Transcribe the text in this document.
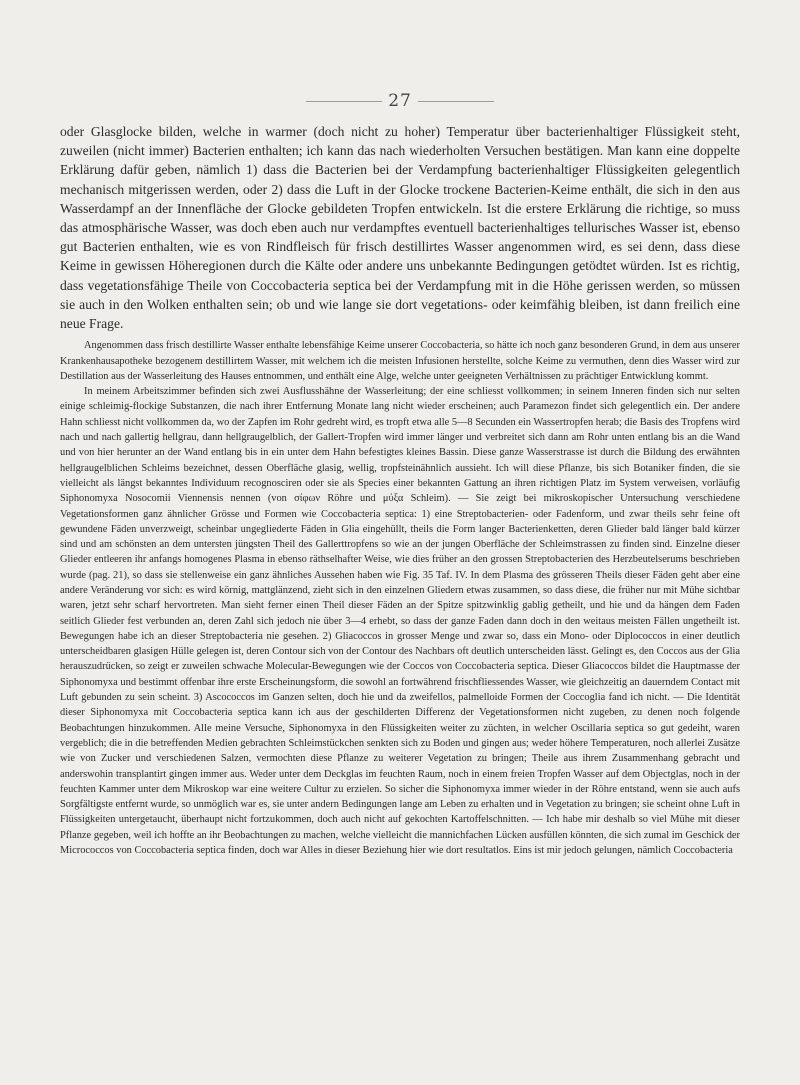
27

oder Glasglocke bilden, welche in warmer (doch nicht zu hoher) Temperatur über bacterienhaltiger Flüssigkeit steht, zuweilen (nicht immer) Bacterien enthalten; ich kann das nach wiederholten Versuchen bestätigen. Man kann eine doppelte Erklärung dafür geben, nämlich 1) dass die Bacterien bei der Verdampfung bacterienhaltiger Flüssigkeiten gelegentlich mechanisch mitgerissen werden, oder 2) dass die Luft in der Glocke trockene Bacterien-Keime enthält, die sich in den aus Wasserdampf an der Innenfläche der Glocke gebildeten Tropfen entwickeln. Ist die erstere Erklärung die richtige, so muss das atmosphärische Wasser, was doch eben auch nur verdampftes eventuell bacterienhaltiges tellurisches Wasser ist, ebenso gut Bacterien enthalten, wie es von Rindfleisch für frisch destillirtes Wasser angenommen wird, es sei denn, dass diese Keime in gewissen Höheregionen durch die Kälte oder andere uns unbekannte Bedingungen getödtet würden. Ist es richtig, dass vegetationsfähige Theile von Coccobacteria septica bei der Verdampfung mit in die Höhe gerissen werden, so müssen sie auch in den Wolken enthalten sein; ob und wie lange sie dort vegetations- oder keimfähig bleiben, ist dann freilich eine neue Frage.

Angenommen dass frisch destillirte Wasser enthalte lebensfähige Keime unserer Coccobacteria, so hätte ich noch ganz besonderen Grund, in dem aus unserer Krankenhausapotheke bezogenem destillirtem Wasser, mit welchem ich die meisten Infusionen herstellte, solche Keime zu vermuthen, denn dies Wasser wird zur Destillation aus der Wasserleitung des Hauses entnommen, und enthält eine Alge, welche unter geeigneten Verhältnissen zu prächtiger Entwicklung kommt.

In meinem Arbeitszimmer befinden sich zwei Ausflusshähne der Wasserleitung; der eine schliesst vollkommen; in seinem Inneren finden sich nur selten einige schleimig-flockige Substanzen, die nach ihrer Entfernung Monate lang nicht wieder erscheinen; auch Paramezon findet sich gelegentlich ein. Der andere Hahn schliesst nicht vollkommen da, wo der Zapfen im Rohr gedreht wird, es tropft etwa alle 5—8 Secunden ein Wassertropfen herab; die Basis des Tropfens wird nach und nach gallertig hellgrau, dann hellgraugelblich, der Gallert-Tropfen wird immer länger und verbreitet sich dann am Rohr unten entlang bis an die Wand und von hier herunter an der Wand entlang bis in ein unter dem Hahn befestigtes kleines Bassin. Diese ganze Wasserstrasse ist durch die Bildung des erwähnten hellgraugelblichen Schleims bezeichnet, dessen Oberfläche glasig, wellig, tropfsteinähnlich aussieht. Ich will diese Pflanze, bis sich Botaniker finden, die sie vielleicht als längst bekanntes Individuum recognosciren oder sie als Species einer bekannten Gattung an ihren richtigen Platz im System verweisen, vorläufig Siphonomyxa Nosocomii Viennensis nennen (von σίφων Röhre und μύξα Schleim). — Sie zeigt bei mikroskopischer Untersuchung verschiedene Vegetationsformen ganz ähnlicher Grösse und Formen wie Coccobacteria septica: 1) eine Streptobacterien- oder Fadenform, und zwar theils sehr feine oft gewundene Fäden unverzweigt, scheinbar ungegliederte Fäden in Glia eingehüllt, theils die Form langer Bacterienketten, deren Glieder bald länger bald kürzer sind und am schönsten an dem untersten jüngsten Theil des Gallerttropfens so wie an der jungen Oberfläche der Schleimstrassen zu finden sind. Einzelne dieser Glieder entleeren ihr anfangs homogenes Plasma in ebenso räthselhafter Weise, wie dies früher an den grossen Streptobacterien des Herzbeutelserums beschrieben wurde (pag. 21), so dass sie stellenweise ein ganz ähnliches Aussehen haben wie Fig. 35 Taf. IV. In dem Plasma des grösseren Theils dieser Fäden geht aber eine andere Veränderung vor sich: es wird körnig, mattglänzend, zieht sich in den einzelnen Gliedern etwas zusammen, so dass diese, die früher nur mit Mühe sichtbar waren, jetzt sehr scharf hervortreten. Man sieht ferner einen Theil dieser Fäden an der Spitze spitzwinklig gablig getheilt, und hie und da hängen dem Faden seitlich Glieder fest verbunden an, deren Zahl sich jedoch nie über 3—4 erhebt, so dass der ganze Faden dann doch in den weitaus meisten Fällen ungetheilt ist. Bewegungen habe ich an dieser Streptobacteria nie gesehen. 2) Gliacoccos in grosser Menge und zwar so, dass ein Mono- oder Diplococcos in einer deutlich unterscheidbaren glasigen Hülle gelegen ist, deren Contour sich von der Contour des Nachbars oft deutlich unterscheiden lässt. Gelingt es, den Coccos aus der Glia herauszudrücken, so zeigt er zuweilen schwache Molecular-Bewegungen wie der Coccos von Coccobacteria septica. Dieser Gliacoccos bildet die Hauptmasse der Siphonomyxa und bestimmt offenbar ihre erste Erscheinungsform, die sowohl an fortwährend frischfliessendes Wasser, wie gleichzeitig an dauerndem Contact mit Luft gebunden zu sein scheint. 3) Ascococcos im Ganzen selten, doch hie und da zweifellos, palmelloide Formen der Coccoglia fand ich nicht. — Die Identität dieser Siphonomyxa mit Coccobacteria septica kann ich aus der geschilderten Differenz der Vegetationsformen nicht zugeben, zu denen noch folgende Beobachtungen hinzukommen. Alle meine Versuche, Siphonomyxa in den Flüssigkeiten weiter zu züchten, in welcher Oscillaria septica so gut gedeiht, waren vergeblich; die in die betreffenden Medien gebrachten Schleimstückchen senkten sich zu Boden und gingen aus; weder höhere Temperaturen, noch allerlei Zusätze wie von Zucker und verschiedenen Salzen, vermochten diese Pflanze zu weiterer Vegetation zu bringen; Theile aus ihrem Zusammenhang gebracht und anderswohin transplantirt gingen immer aus. Weder unter dem Deckglas im feuchten Raum, noch in einem freien Tropfen Wasser auf dem Objectglas, noch in der feuchten Kammer unter dem Mikroskop war eine weitere Cultur zu erzielen. So sicher die Siphonomyxa immer wieder in der Röhre entstand, wenn sie auch aufs Sorgfältigste entfernt wurde, so unmöglich war es, sie unter andern Bedingungen lange am Leben zu erhalten und in Vegetation zu bringen; sie scheint ohne Luft in Flüssigkeiten untergetaucht, überhaupt nicht fortzukommen, doch auch nicht auf gekochten Kartoffelschnitten. — Ich habe mir deshalb so viel Mühe mit dieser Pflanze gegeben, weil ich hoffte an ihr Beobachtungen zu machen, welche vielleicht die mannichfachen Lücken ausfüllen könnten, die sich zumal im Geschick der Micrococcos von Coccobacteria septica finden, doch war Alles in dieser Beziehung hier wie dort resultatlos. Eins ist mir jedoch gelungen, nämlich Coccobacteria
